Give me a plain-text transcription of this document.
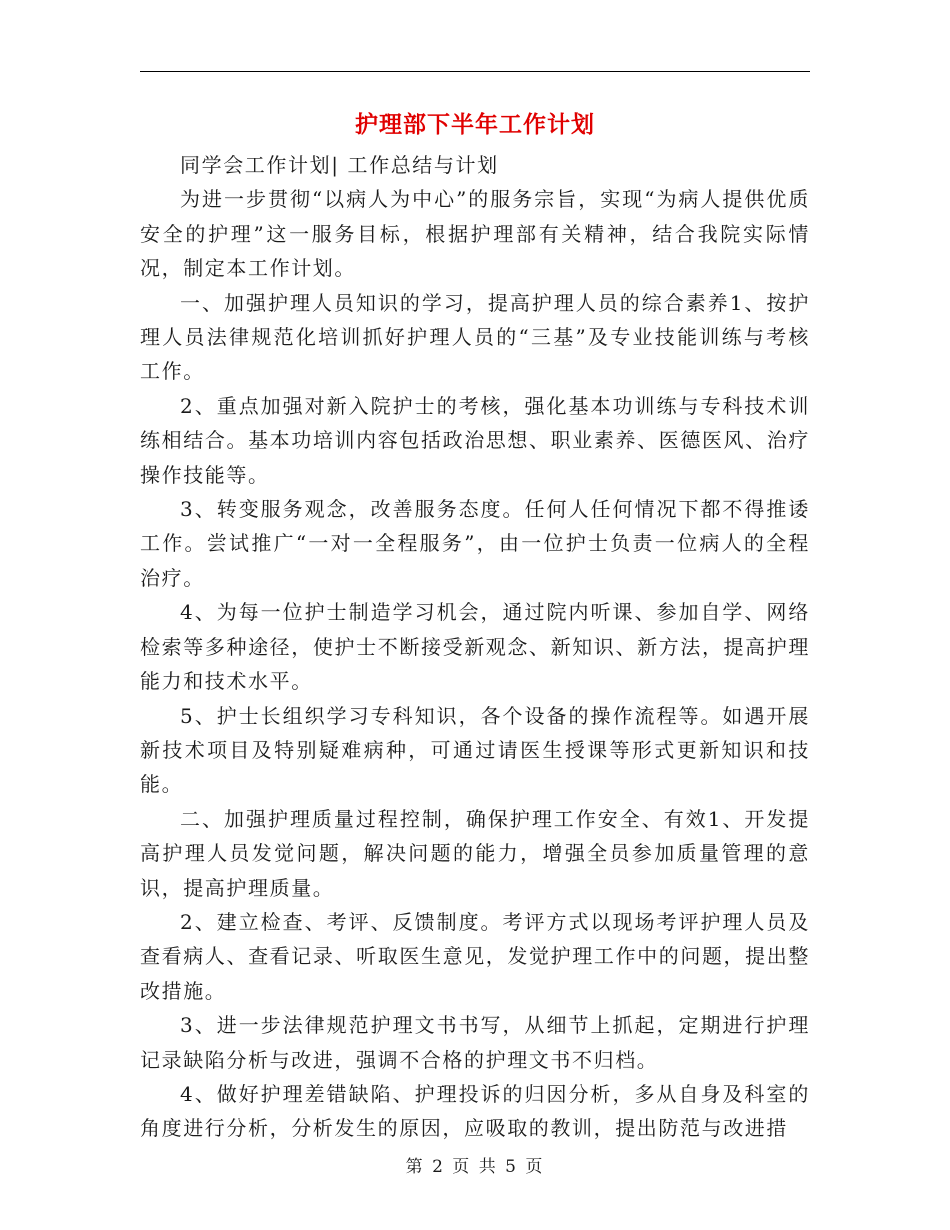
护理部下半年工作计划

同学会工作计划| 工作总结与计划

为进一步贯彻“以病人为中心”的服务宗旨，实现“为病人提供优质安全的护理”这一服务目标，根据护理部有关精神，结合我院实际情况，制定本工作计划。

一、加强护理人员知识的学习，提高护理人员的综合素养1、按护理人员法律规范化培训抓好护理人员的“三基”及专业技能训练与考核工作。

2、重点加强对新入院护士的考核，强化基本功训练与专科技术训练相结合。基本功培训内容包括政治思想、职业素养、医德医风、治疗操作技能等。

3、转变服务观念，改善服务态度。任何人任何情况下都不得推诿工作。尝试推广“一对一全程服务”，由一位护士负责一位病人的全程治疗。

4、为每一位护士制造学习机会，通过院内听课、参加自学、网络检索等多种途径，使护士不断接受新观念、新知识、新方法，提高护理能力和技术水平。

5、护士长组织学习专科知识，各个设备的操作流程等。如遇开展新技术项目及特别疑难病种，可通过请医生授课等形式更新知识和技能。

二、加强护理质量过程控制，确保护理工作安全、有效1、开发提高护理人员发觉问题，解决问题的能力，增强全员参加质量管理的意识，提高护理质量。

2、建立检查、考评、反馈制度。考评方式以现场考评护理人员及查看病人、查看记录、听取医生意见，发觉护理工作中的问题，提出整改措施。

3、进一步法律规范护理文书书写，从细节上抓起，定期进行护理记录缺陷分析与改进，强调不合格的护理文书不归档。

4、做好护理差错缺陷、护理投诉的归因分析，多从自身及科室的角度进行分析，分析发生的原因，应吸取的教训，提出防范与改进措

第 2 页 共 5 页
